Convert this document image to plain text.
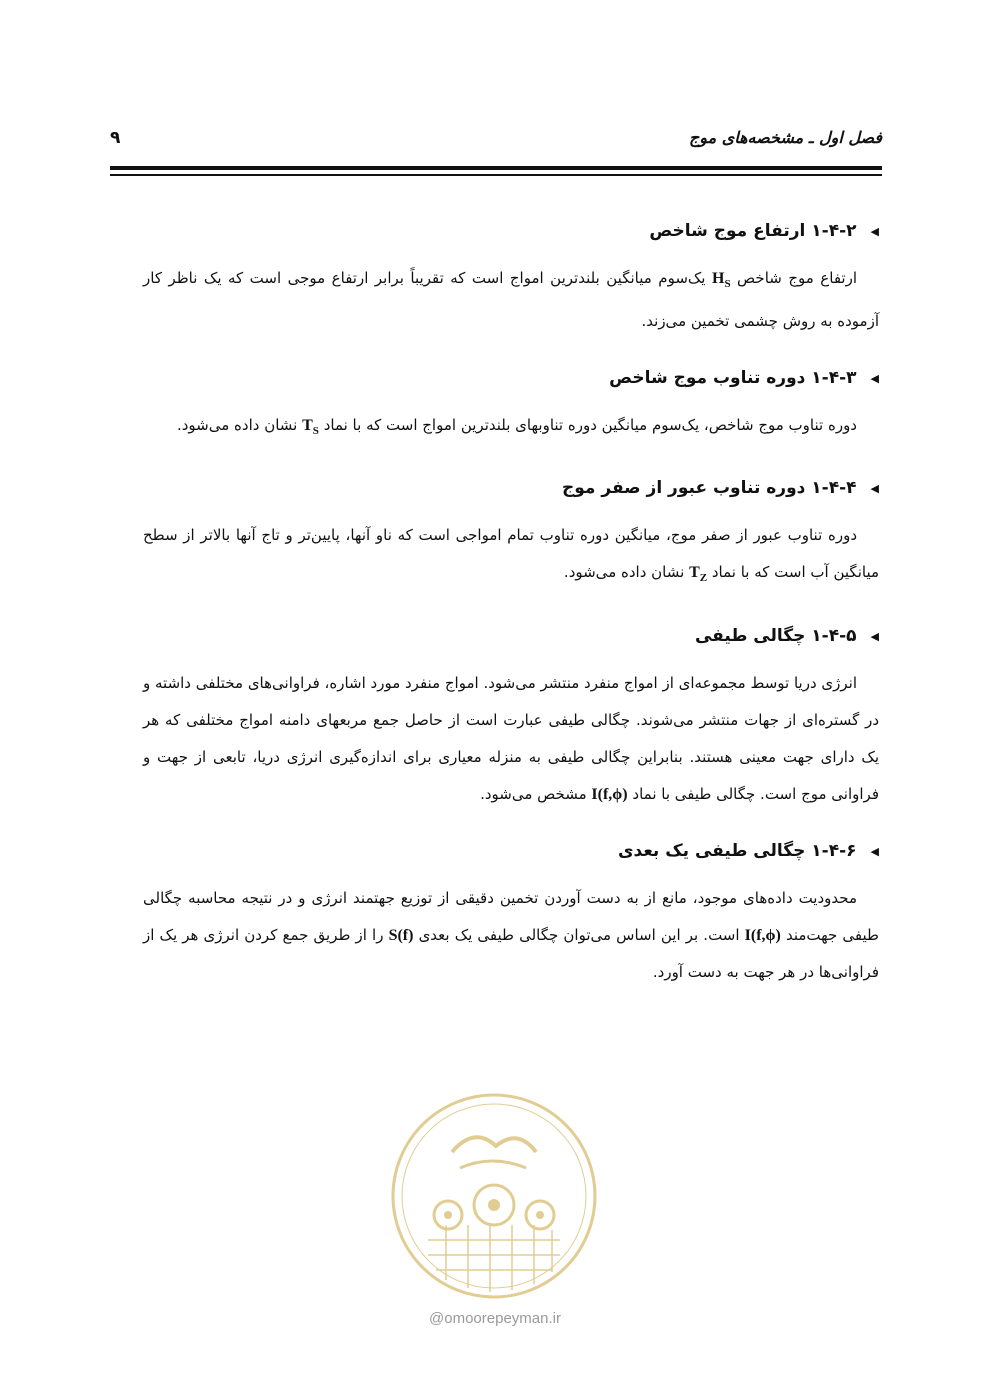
فصل اول ـ مشخصه‌های موج
۹
◀۱-۴-۲ ارتفاع موج شاخص

ارتفاع موج شاخص $H_S$ یک‌سوم میانگین بلندترین امواج است که تقریباً برابر ارتفاع موجی است که یک ناظر کار آزموده به روش چشمی تخمین می‌زند.

◀۱-۴-۳ دوره تناوب موج شاخص

دوره تناوب موج شاخص، یک‌سوم میانگین دوره تناوبهای بلندترین امواج است که با نماد $T_S$ نشان داده می‌شود.

◀۱-۴-۴ دوره تناوب عبور از صفر موج

دوره تناوب عبور از صفر موج، میانگین دوره تناوب تمام امواجی است که ناو آنها، پایین‌تر و تاج آنها بالاتر از سطح میانگین آب است که با نماد $T_Z$ نشان داده می‌شود.

◀۱-۴-۵ چگالی طیفی

انرژی دریا توسط مجموعه‌ای از امواج منفرد منتشر می‌شود. امواج منفرد مورد اشاره، فراوانی‌های مختلفی داشته و در گستره‌ای از جهات منتشر می‌شوند. چگالی طیفی عبارت است از حاصل جمع مربعهای دامنه امواج مختلفی که هر یک دارای جهت معینی هستند. بنابراین چگالی طیفی به منزله معیاری برای اندازه‌گیری انرژی دریا، تابعی از جهت و فراوانی موج است. چگالی طیفی با نماد I(f,ϕ) مشخص می‌شود.

◀۱-۴-۶ چگالی طیفی یک بعدی

محدودیت داده‌های موجود، مانع از به دست آوردن تخمین دقیقی از توزیع جهتمند انرژی و در نتیجه محاسبه چگالی طیفی جهت‌مند I(f,ϕ) است. بر این اساس می‌توان چگالی طیفی یک بعدی S(f) را از طریق جمع کردن انرژی هر یک از فراوانی‌ها در هر جهت به دست آورد.

@omoorepeyman.ir
